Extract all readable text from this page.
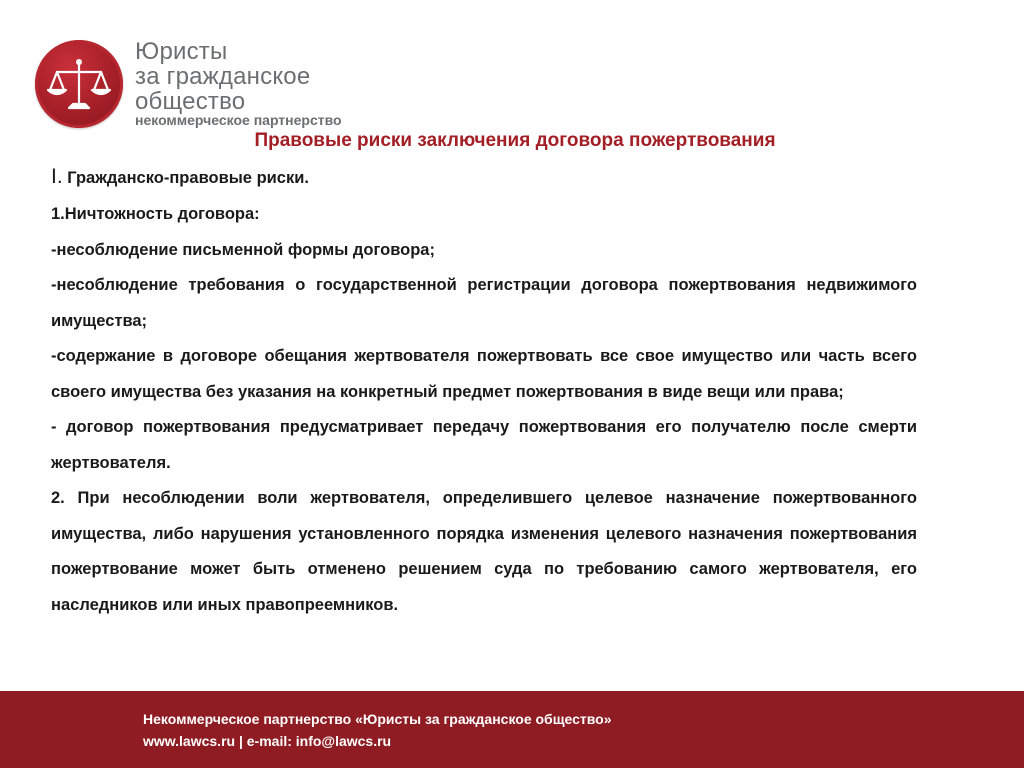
Юристы
за гражданское
общество
некоммерческое партнерство
Правовые риски заключения договора пожертвования

I. Гражданско-правовые риски.

1.Ничтожность договора:

-несоблюдение письменной формы договора;

-несоблюдение требования о государственной регистрации договора пожертвования недвижимого имущества;

-содержание в договоре обещания жертвователя пожертвовать все свое имущество или часть всего своего имущества без указания на конкретный предмет пожертвования в виде вещи или права;

- договор пожертвования предусматривает передачу пожертвования его получателю после смерти жертвователя.

2. При несоблюдении воли жертвователя, определившего целевое назначение пожертвованного имущества, либо нарушения установленного порядка изменения целевого назначения пожертвования пожертвование может быть отменено решением суда по требованию самого жертвователя, его наследников или иных правопреемников.

Некоммерческое партнерство «Юристы за гражданское общество»
www.lawcs.ru | e-mail: info@lawcs.ru
